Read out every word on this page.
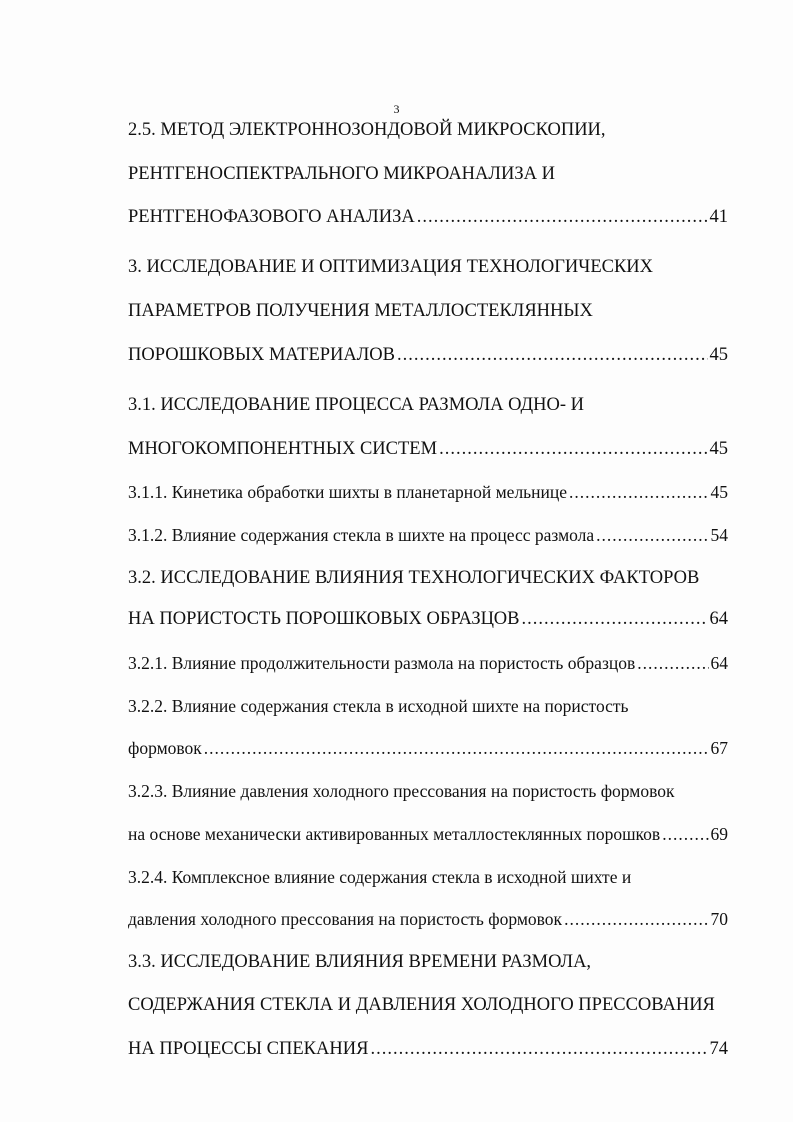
3
2.5. МЕТОД ЭЛЕКТРОННОЗОНДОВОЙ МИКРОСКОПИИ,
РЕНТГЕНОСПЕКТРАЛЬНОГО МИКРОАНАЛИЗА И
РЕНТГЕНОФАЗОВОГО АНАЛИЗА .....	41
3. ИССЛЕДОВАНИЕ И ОПТИМИЗАЦИЯ ТЕХНОЛОГИЧЕСКИХ
ПАРАМЕТРОВ ПОЛУЧЕНИЯ МЕТАЛЛОСТЕКЛЯННЫХ
ПОРОШКОВЫХ МАТЕРИАЛОВ .....	45
3.1. ИССЛЕДОВАНИЕ ПРОЦЕССА РАЗМОЛА ОДНО- И
МНОГОКОМПОНЕНТНЫХ СИСТЕМ .....	45
3.1.1. Кинетика обработки шихты в планетарной мельнице .....	45
3.1.2. Влияние содержания стекла в шихте на процесс размола .....	54
3.2. ИССЛЕДОВАНИЕ ВЛИЯНИЯ ТЕХНОЛОГИЧЕСКИХ ФАКТОРОВ
НА ПОРИСТОСТЬ ПОРОШКОВЫХ ОБРАЗЦОВ .....	64
3.2.1. Влияние продолжительности размола на пористость образцов .....	64
3.2.2. Влияние содержания стекла в исходной шихте на пористость
формовок .....	67
3.2.3. Влияние давления холодного прессования на пористость формовок
на основе механически активированных металлостеклянных порошков .....	69
3.2.4. Комплексное влияние содержания стекла в исходной шихте и
давления холодного прессования на пористость формовок .....	70
3.3. ИССЛЕДОВАНИЕ ВЛИЯНИЯ ВРЕМЕНИ РАЗМОЛА,
СОДЕРЖАНИЯ СТЕКЛА И ДАВЛЕНИЯ ХОЛОДНОГО ПРЕССОВАНИЯ
НА ПРОЦЕССЫ СПЕКАНИЯ .....	74
